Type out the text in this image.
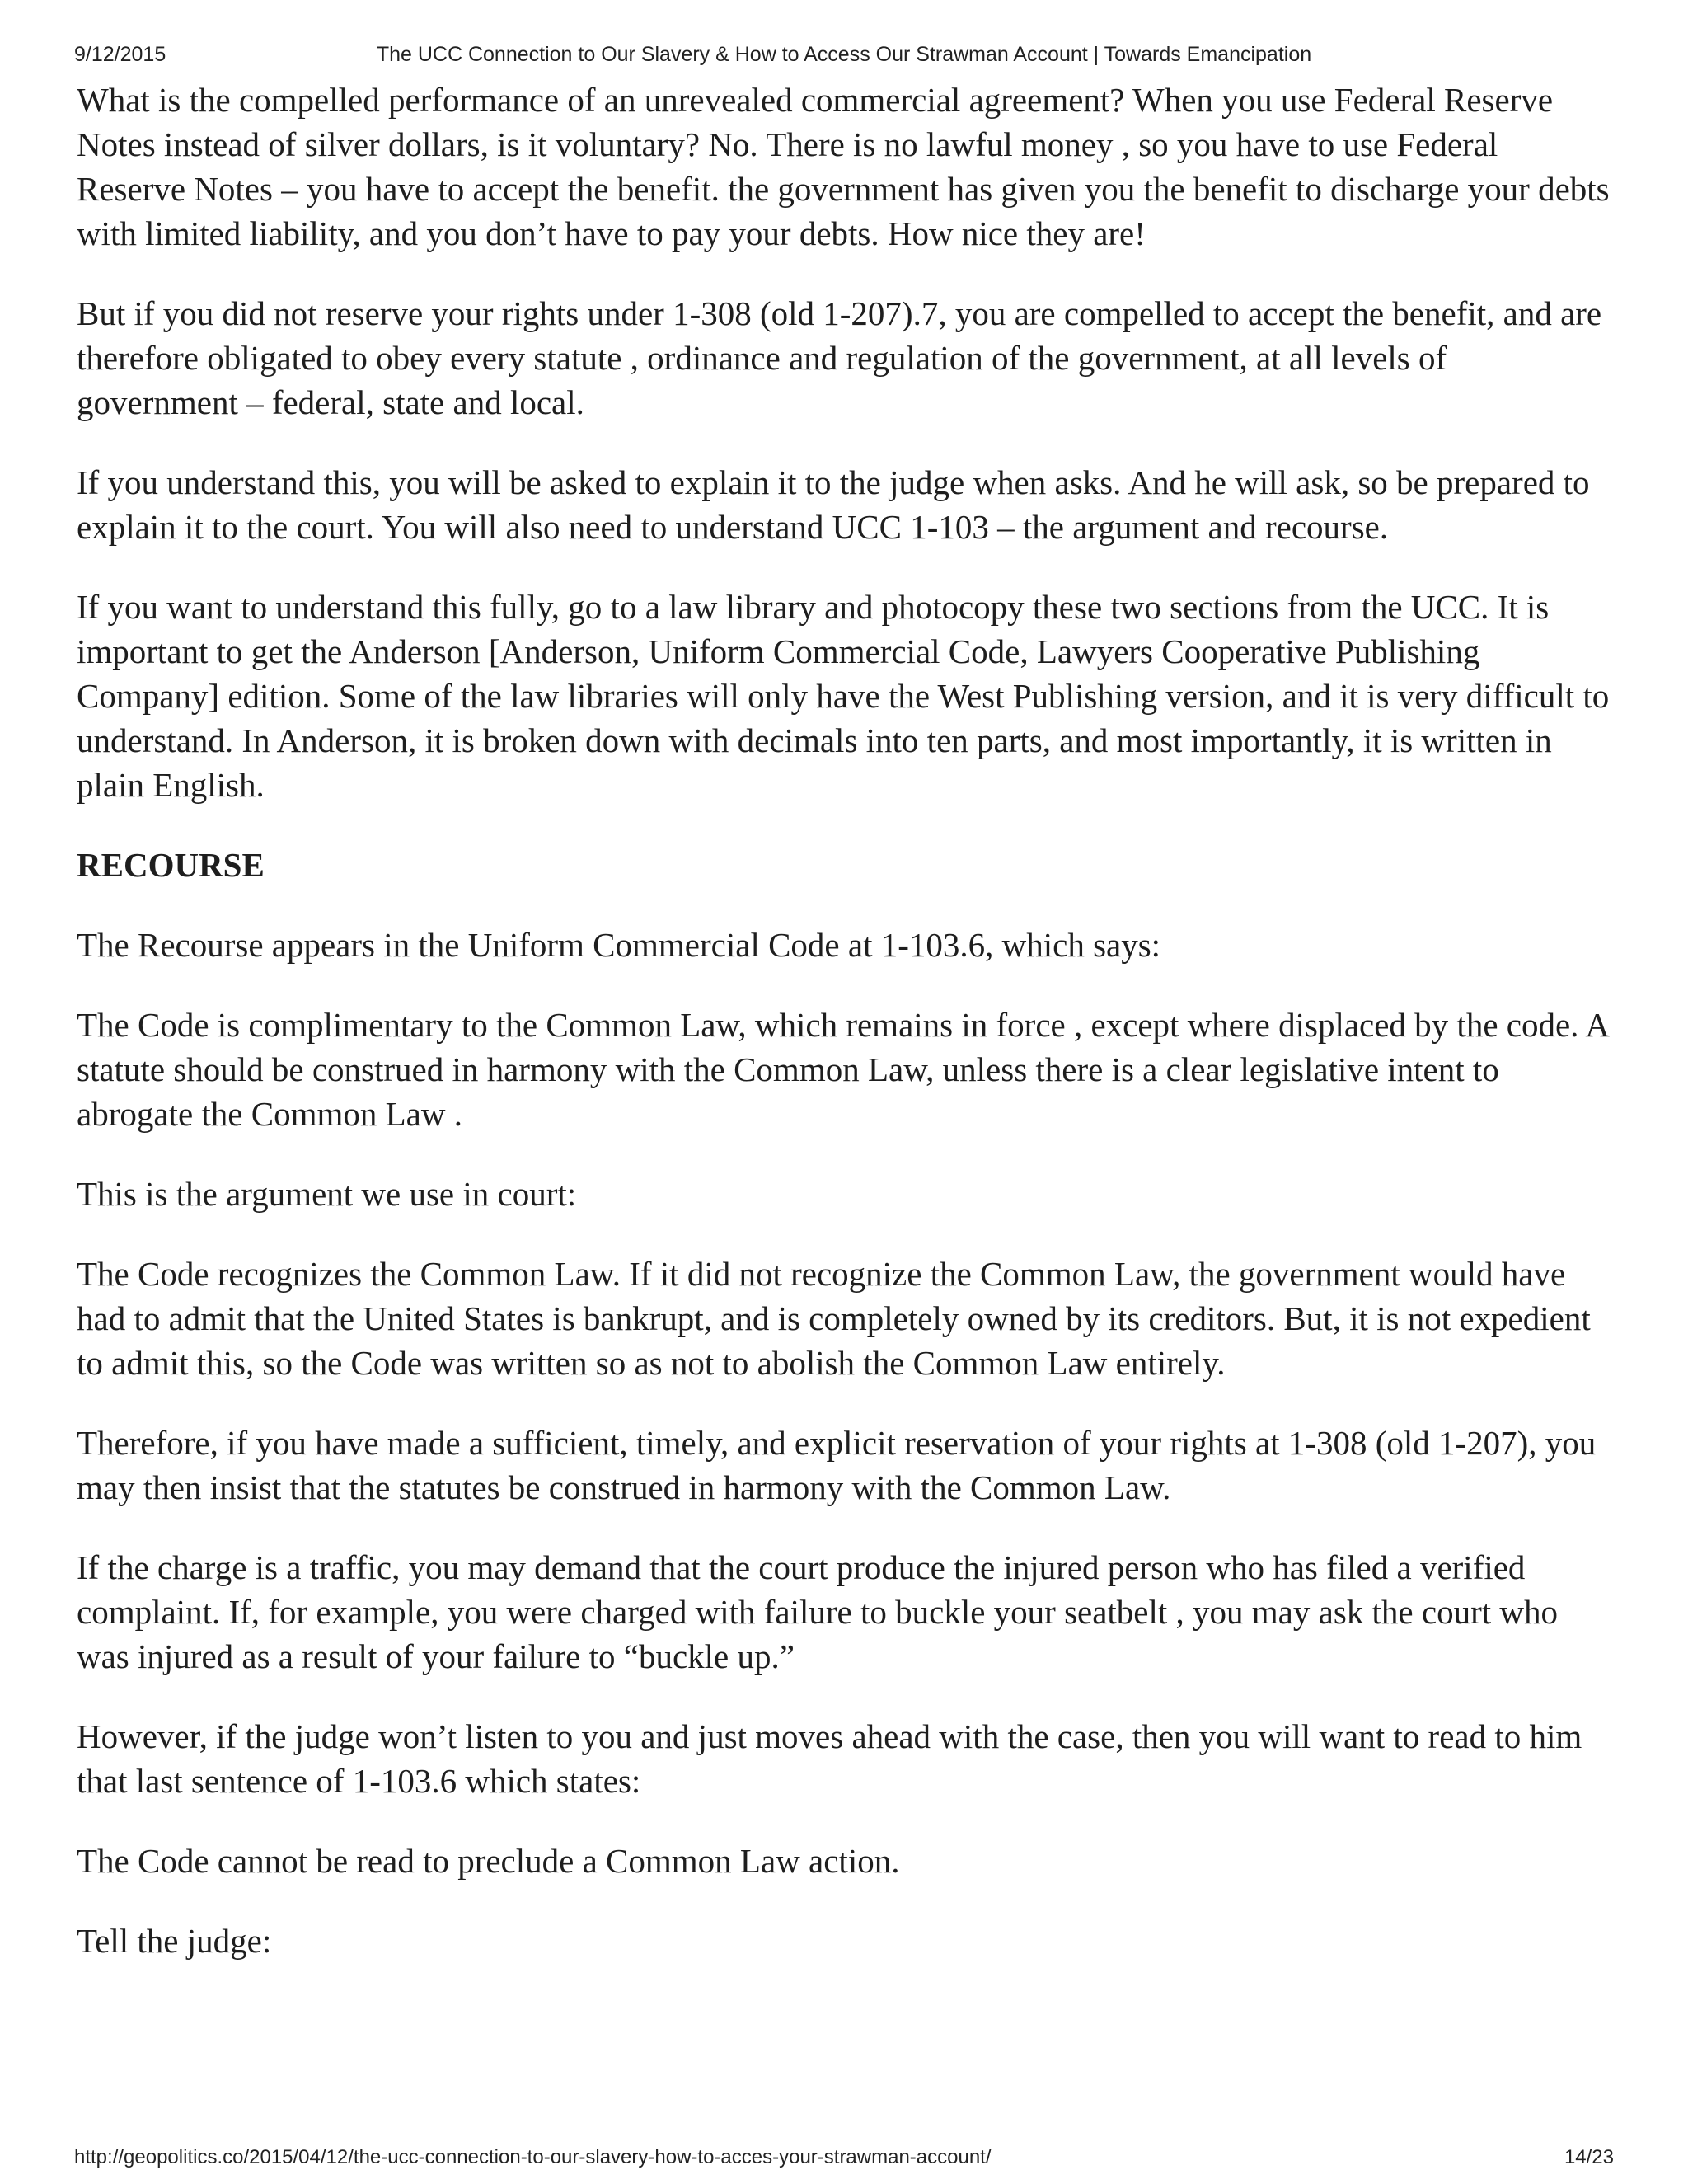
9/12/2015	The UCC Connection to Our Slavery & How to Access Our Strawman Account | Towards Emancipation

What is the compelled performance of an unrevealed commercial agreement? When you use Federal Reserve Notes instead of silver dollars, is it voluntary? No. There is no lawful money , so you have to use Federal Reserve Notes – you have to accept the benefit. the government has given you the benefit to discharge your debts with limited liability, and you don’t have to pay your debts. How nice they are!

But if you did not reserve your rights under 1-308 (old 1-207).7, you are compelled to accept the benefit, and are therefore obligated to obey every statute , ordinance and regulation of the government, at all levels of government – federal, state and local.

If you understand this, you will be asked to explain it to the judge when asks. And he will ask, so be prepared to explain it to the court. You will also need to understand UCC 1-103 – the argument and recourse.

If you want to understand this fully, go to a law library and photocopy these two sections from the UCC. It is important to get the Anderson [Anderson, Uniform Commercial Code, Lawyers Cooperative Publishing Company] edition. Some of the law libraries will only have the West Publishing version, and it is very difficult to understand. In Anderson, it is broken down with decimals into ten parts, and most importantly, it is written in plain English.

RECOURSE

The Recourse appears in the Uniform Commercial Code at 1-103.6, which says:

The Code is complimentary to the Common Law, which remains in force , except where displaced by the code. A statute should be construed in harmony with the Common Law, unless there is a clear legislative intent to abrogate the Common Law .

This is the argument we use in court:

The Code recognizes the Common Law. If it did not recognize the Common Law, the government would have had to admit that the United States is bankrupt, and is completely owned by its creditors. But, it is not expedient to admit this, so the Code was written so as not to abolish the Common Law entirely.

Therefore, if you have made a sufficient, timely, and explicit reservation of your rights at 1-308 (old 1-207), you may then insist that the statutes be construed in harmony with the Common Law.

If the charge is a traffic, you may demand that the court produce the injured person who has filed a verified complaint. If, for example, you were charged with failure to buckle your seatbelt , you may ask the court who was injured as a result of your failure to “buckle up.”

However, if the judge won’t listen to you and just moves ahead with the case, then you will want to read to him that last sentence of 1-103.6 which states:

The Code cannot be read to preclude a Common Law action.

Tell the judge:

http://geopolitics.co/2015/04/12/the-ucc-connection-to-our-slavery-how-to-acces-your-strawman-account/	14/23
